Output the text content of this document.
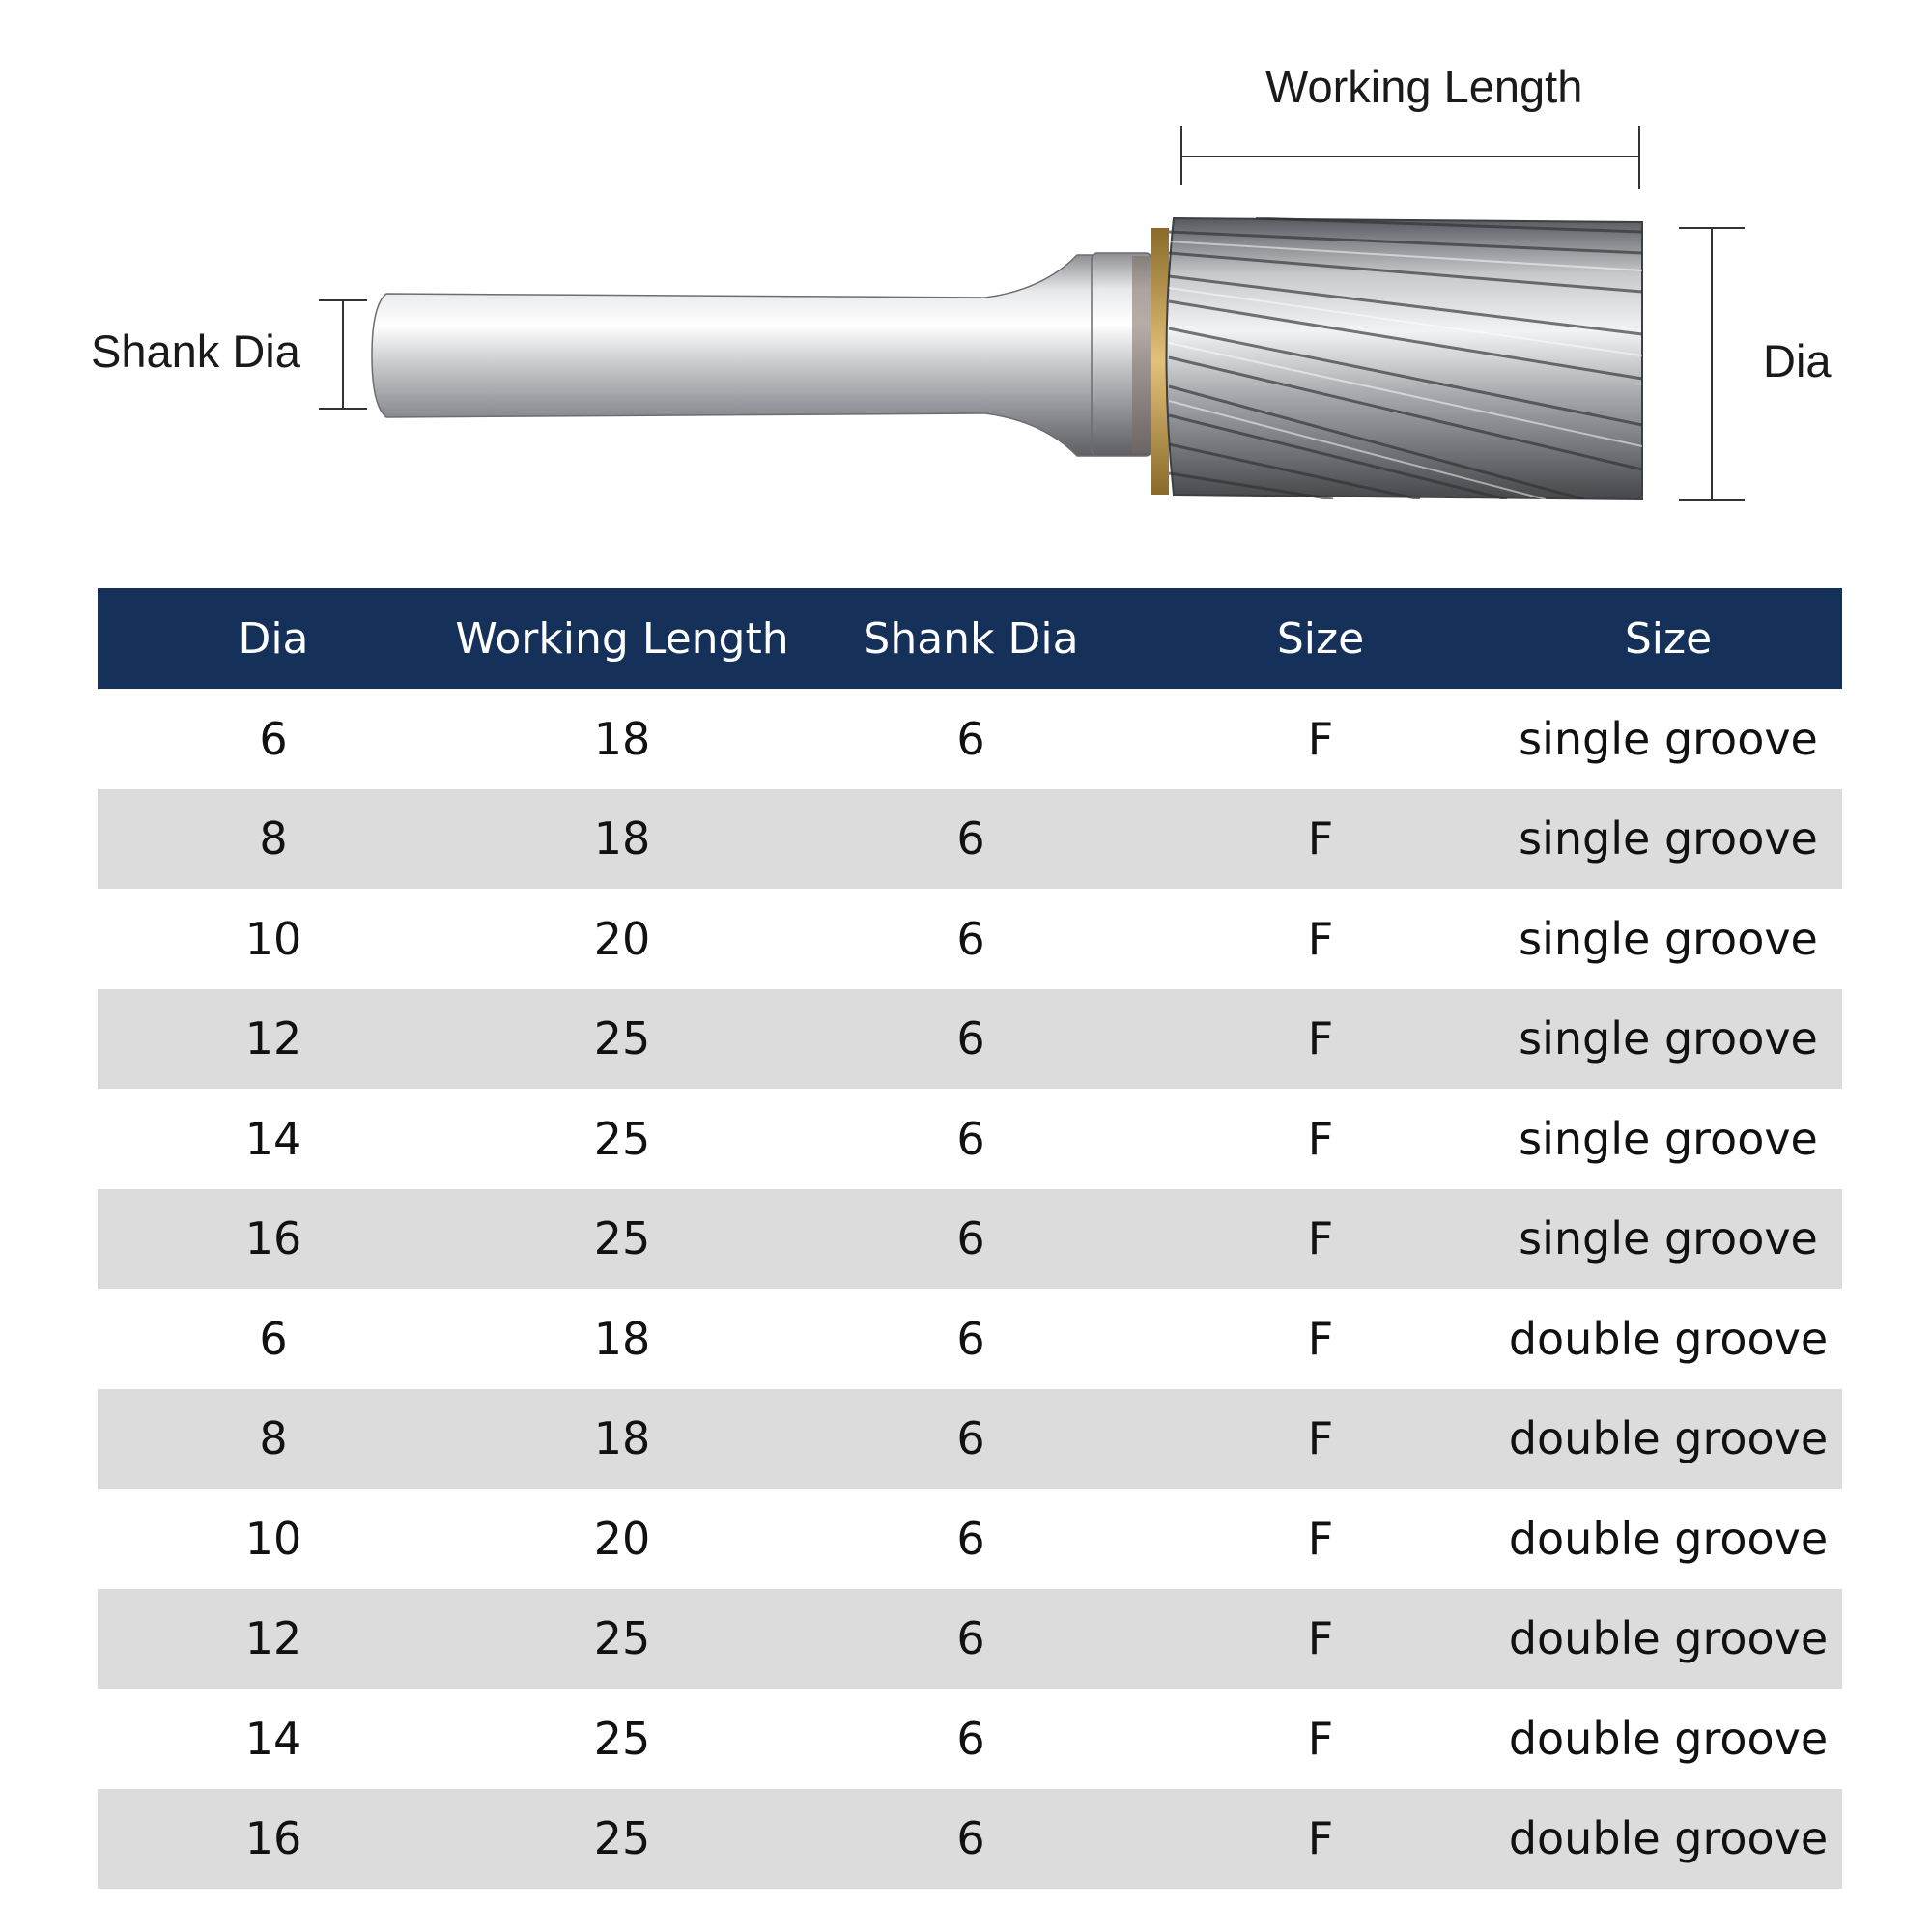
Working Length
Shank Dia	Dia
Dia	Working Length	Shank Dia	Size	Size
6	18	6	F	single groove
8	18	6	F	single groove
10	20	6	F	single groove
12	25	6	F	single groove
14	25	6	F	single groove
16	25	6	F	single groove
6	18	6	F	double groove
8	18	6	F	double groove
10	20	6	F	double groove
12	25	6	F	double groove
14	25	6	F	double groove
16	25	6	F	double groove
